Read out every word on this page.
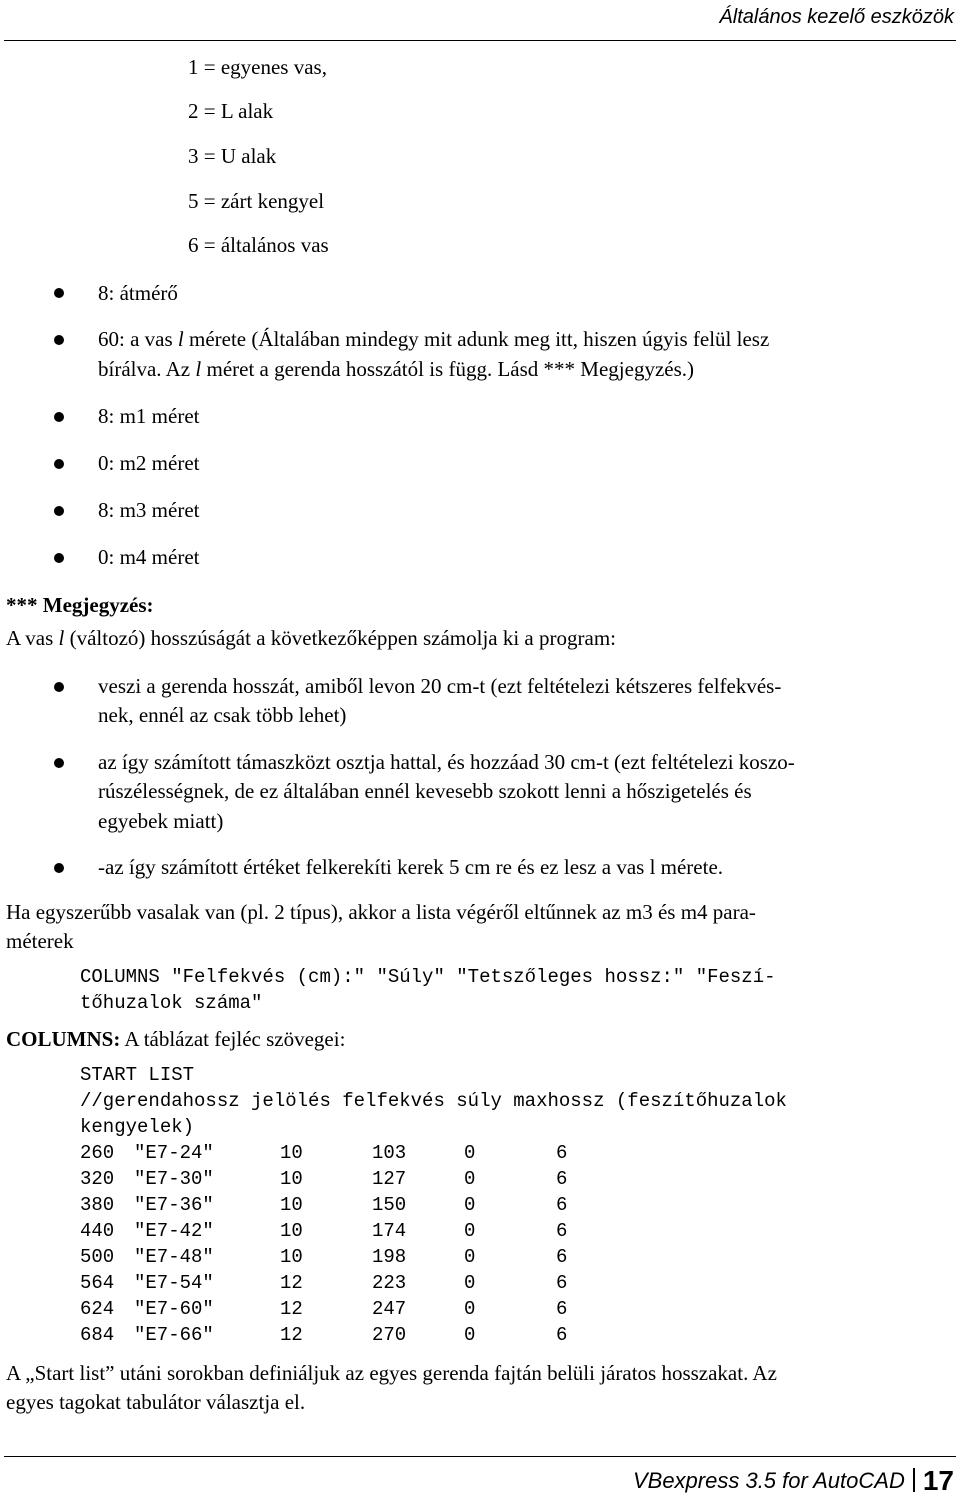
Általános kezelő eszközök
1 = egyenes vas,
2 = L alak
3 = U alak
5 = zárt kengyel
6 = általános vas
8: átmérő
60: a vas l mérete (Általában mindegy mit adunk meg itt, hiszen úgyis felül lesz
bírálva. Az l méret a gerenda hosszától is függ. Lásd *** Megjegyzés.)
8: m1 méret
0: m2 méret
8: m3 méret
0: m4 méret
*** Megjegyzés:
A vas l (változó) hosszúságát a következőképpen számolja ki a program:
veszi a gerenda hosszát, amiből levon 20 cm-t (ezt feltételezi kétszeres felfekvés-
nek, ennél az csak több lehet)
az így számított támaszközt osztja hattal, és hozzáad 30 cm-t (ezt feltételezi koszo-
rúszélességnek, de ez általában ennél kevesebb szokott lenni a hőszigetelés és
egyebek miatt)
-az így számított értéket felkerekíti kerek 5 cm re és ez lesz a vas l mérete.
Ha egyszerűbb vasalak van (pl. 2 típus), akkor a lista végéről eltűnnek az m3 és m4 para-
méterek
COLUMNS "Felfekvés (cm):" "Súly" "Tetszőleges hossz:" "Feszí-
tőhuzalok száma"
COLUMNS: A táblázat fejléc szövegei:
START LIST
//gerendahossz jelölés felfekvés súly maxhossz (feszítőhuzalok
kengyelek)
260 "E7-24"	10	103	0	6
320 "E7-30"	10	127	0	6
380 "E7-36"	10	150	0	6
440 "E7-42"	10	174	0	6
500 "E7-48"	10	198	0	6
564 "E7-54"	12	223	0	6
624 "E7-60"	12	247	0	6
684 "E7-66"	12	270	0	6
A „Start list” utáni sorokban definiáljuk az egyes gerenda fajtán belüli járatos hosszakat. Az
egyes tagokat tabulátor választja el.
VBexpress 3.5 for AutoCAD 17
